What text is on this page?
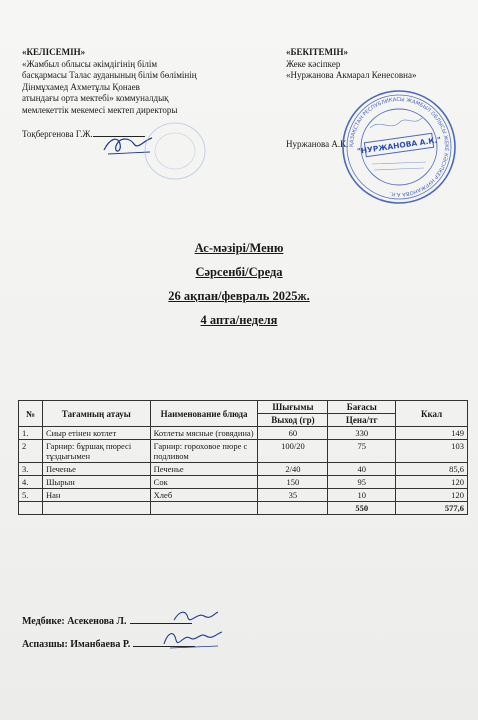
«КЕЛІСЕМІН»
«Жамбыл облысы әкімдігінің білім
басқармасы Талас ауданының білім бөлімінің
Дінмұхамед Ахметұлы Қонаев
атындағы орта мектебі» коммуналдық
мемлекеттік мекемесі мектеп директоры
Тоқбергенова Г.Ж.
«БЕКІТЕМІН»
Жеке кәсіпкер
«Нуржанова Акмарал Кенесовна»
Нуржанова А.К. ҚАЗАҚСТАН РЕСПУБЛИКАСЫ ЖАМБЫЛ ОБЛЫСЫ ЖЕКЕ КӘСІПКЕР НУРЖАНОВА А.К.
"НУРЖАНОВА А.К."
Ас-мәзірі/Меню
Сәрсенбі/Среда
26 ақпан/февраль 2025ж.
4 апта/неделя
№	Тағамның атауы	Наименование блюда	Шығымы	Бағасы	Ккал
			Выход (гр)	Цена/тг	
1.	Сиыр етінен котлет	Котлеты мясные (говядина)	60	330	149
2	Гарнир: бұршақ пюресі тұздығымен	Гарнир: гороховое пюре с подливом	100/20	75	103
3.	Печенье	Печенье	2/40	40	85,6
4.	Шырын	Сок	150	95	120
5.	Нан	Хлеб	35	10	120
				550	577,6
Медбике: Асекенова Л.
Аспазшы: Иманбаева Р.
